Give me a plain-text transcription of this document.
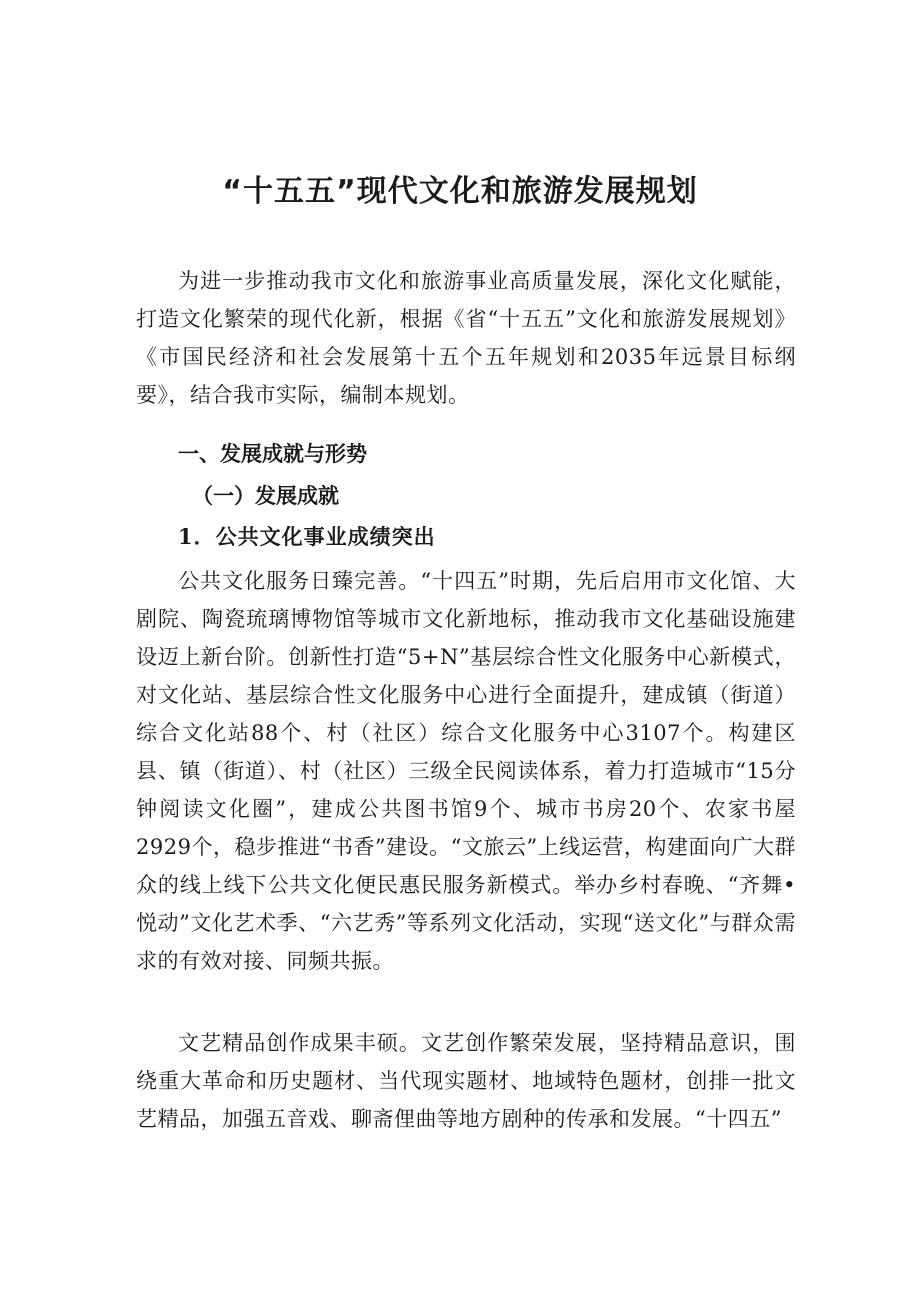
“十五五”现代文化和旅游发展规划

为进一步推动我市文化和旅游事业高质量发展，深化文化赋能，打造文化繁荣的现代化新，根据《省“十五五”文化和旅游发展规划》《市国民经济和社会发展第十五个五年规划和2035年远景目标纲要》，结合我市实际，编制本规划。

一、发展成就与形势
（一）发展成就
1．公共文化事业成绩突出

公共文化服务日臻完善。“十四五”时期，先后启用市文化馆、大剧院、陶瓷琉璃博物馆等城市文化新地标，推动我市文化基础设施建设迈上新台阶。创新性打造“5+N”基层综合性文化服务中心新模式，对文化站、基层综合性文化服务中心进行全面提升，建成镇（街道）综合文化站88个、村（社区）综合文化服务中心3107个。构建区县、镇（街道）、村（社区）三级全民阅读体系，着力打造城市“15分钟阅读文化圈”，建成公共图书馆9个、城市书房20个、农家书屋2929个，稳步推进“书香”建设。“文旅云”上线运营，构建面向广大群众的线上线下公共文化便民惠民服务新模式。举办乡村春晚、“齐舞•悦动”文化艺术季、“六艺秀”等系列文化活动，实现“送文化”与群众需求的有效对接、同频共振。

文艺精品创作成果丰硕。文艺创作繁荣发展，坚持精品意识，围绕重大革命和历史题材、当代现实题材、地域特色题材，创排一批文艺精品，加强五音戏、聊斋俚曲等地方剧种的传承和发展。“十四五”
